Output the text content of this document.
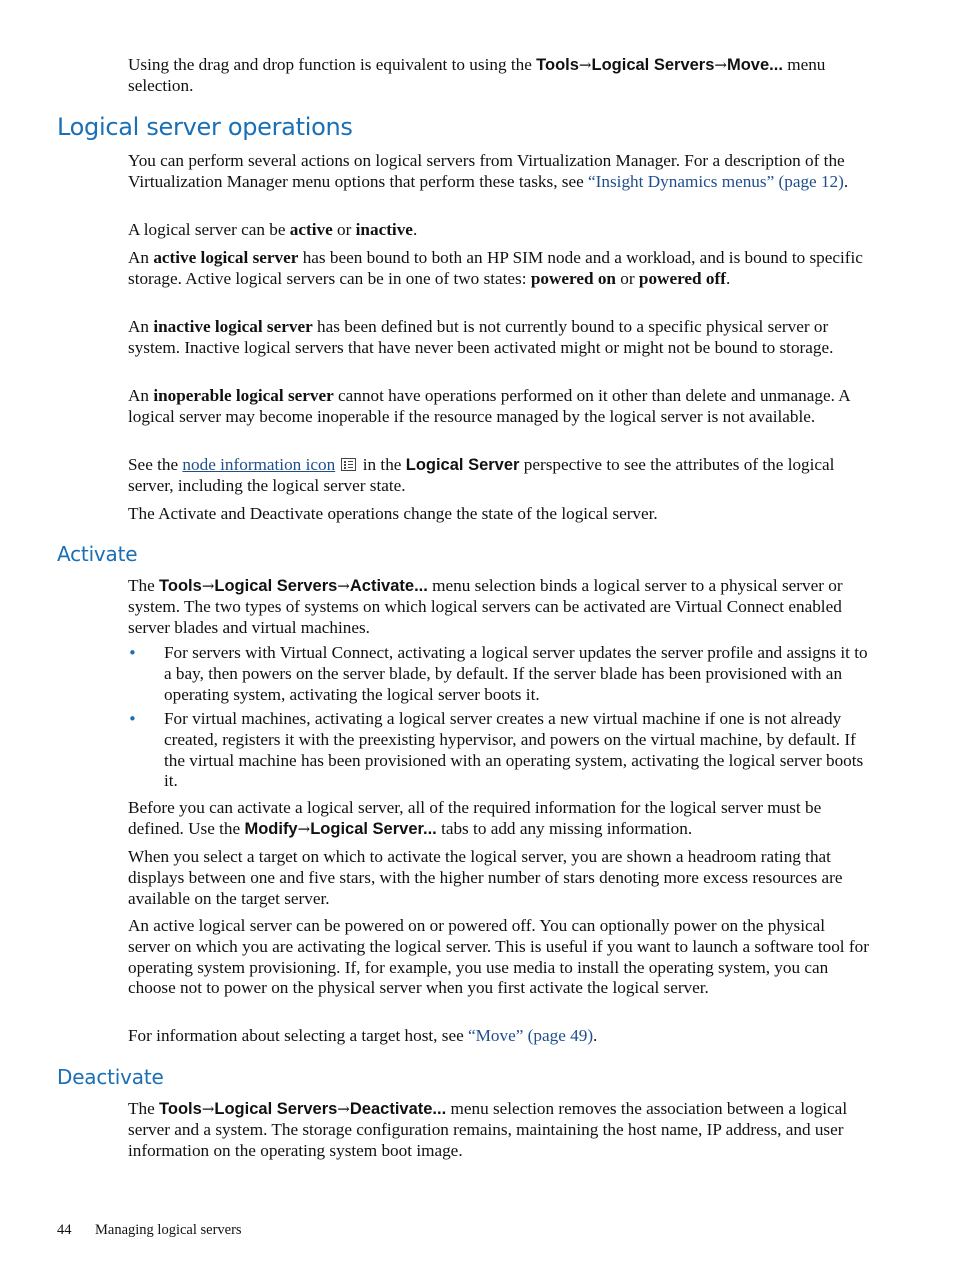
Using the drag and drop function is equivalent to using the Tools→Logical Servers→Move... menu selection.

Logical server operations

You can perform several actions on logical servers from Virtualization Manager. For a description of the Virtualization Manager menu options that perform these tasks, see “Insight Dynamics menus” (page 12).

A logical server can be active or inactive.

An active logical server has been bound to both an HP SIM node and a workload, and is bound to specific storage. Active logical servers can be in one of two states: powered on or powered off.

An inactive logical server has been defined but is not currently bound to a specific physical server or system. Inactive logical servers that have never been activated might or might not be bound to storage.

An inoperable logical server cannot have operations performed on it other than delete and unmanage. A logical server may become inoperable if the resource managed by the logical server is not available.

See the node information icon  in the Logical Server perspective to see the attributes of the logical server, including the logical server state.

The Activate and Deactivate operations change the state of the logical server.

Activate

The Tools→Logical Servers→Activate... menu selection binds a logical server to a physical server or system. The two types of systems on which logical servers can be activated are Virtual Connect enabled server blades and virtual machines.

• For servers with Virtual Connect, activating a logical server updates the server profile and assigns it to a bay, then powers on the server blade, by default. If the server blade has been provisioned with an operating system, activating the logical server boots it.
• For virtual machines, activating a logical server creates a new virtual machine if one is not already created, registers it with the preexisting hypervisor, and powers on the virtual machine, by default. If the virtual machine has been provisioned with an operating system, activating the logical server boots it.

Before you can activate a logical server, all of the required information for the logical server must be defined. Use the Modify→Logical Server... tabs to add any missing information.

When you select a target on which to activate the logical server, you are shown a headroom rating that displays between one and five stars, with the higher number of stars denoting more excess resources are available on the target server.

An active logical server can be powered on or powered off. You can optionally power on the physical server on which you are activating the logical server. This is useful if you want to launch a software tool for operating system provisioning. If, for example, you use media to install the operating system, you can choose not to power on the physical server when you first activate the logical server.

For information about selecting a target host, see “Move” (page 49).

Deactivate

The Tools→Logical Servers→Deactivate... menu selection removes the association between a logical server and a system. The storage configuration remains, maintaining the host name, IP address, and user information on the operating system boot image.

44 Managing logical servers
